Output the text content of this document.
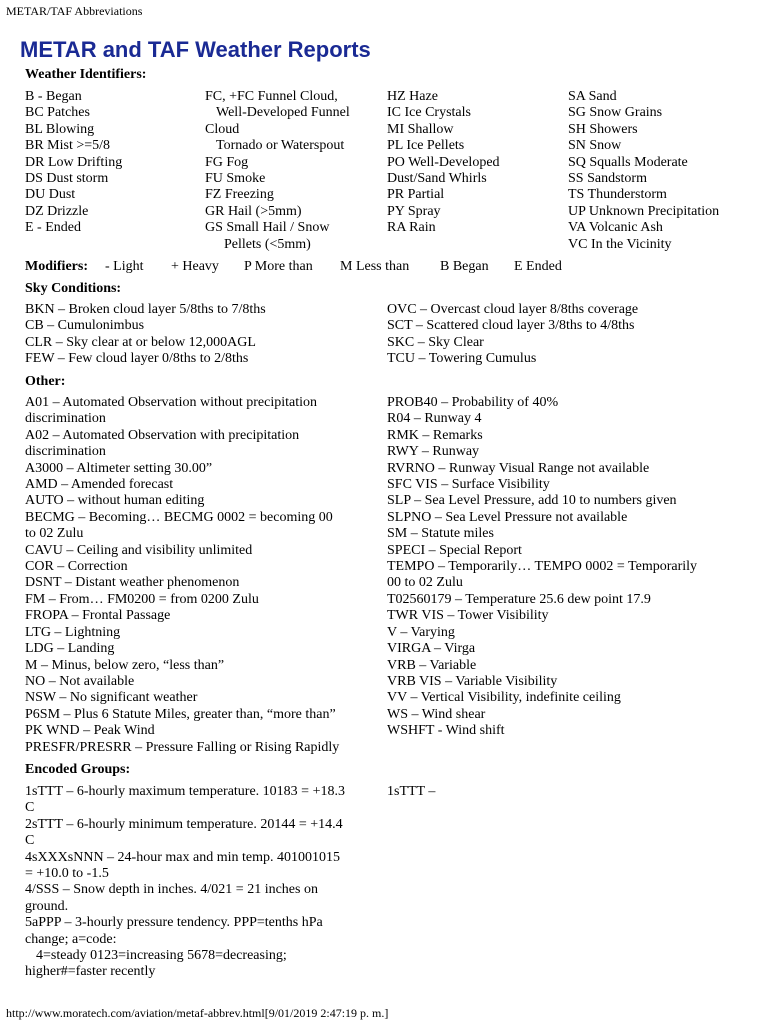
METAR/TAF Abbreviations
METAR and TAF Weather Reports
Weather Identifiers:
B - Began
BC Patches
BL Blowing
BR Mist >=5/8
DR Low Drifting
DS Dust storm
DU Dust
DZ Drizzle
E - Ended
FC, +FC Funnel Cloud,
Well-Developed Funnel
Cloud
Tornado or Waterspout
FG Fog
FU Smoke
FZ Freezing
GR Hail (>5mm)
GS Small Hail / Snow
Pellets (<5mm)
HZ Haze
IC Ice Crystals
MI Shallow
PL Ice Pellets
PO Well-Developed
Dust/Sand Whirls
PR Partial
PY Spray
RA Rain
SA Sand
SG Snow Grains
SH Showers
SN Snow
SQ Squalls Moderate
SS Sandstorm
TS Thunderstorm
UP Unknown Precipitation
VA Volcanic Ash
VC In the Vicinity
Modifiers: - Light + Heavy P More than M Less than B Began E Ended
Sky Conditions:
BKN – Broken cloud layer 5/8ths to 7/8ths
CB – Cumulonimbus
CLR – Sky clear at or below 12,000AGL
FEW – Few cloud layer 0/8ths to 2/8ths
OVC – Overcast cloud layer 8/8ths coverage
SCT – Scattered cloud layer 3/8ths to 4/8ths
SKC – Sky Clear
TCU – Towering Cumulus
Other:
A01 – Automated Observation without precipitation
discrimination
A02 – Automated Observation with precipitation
discrimination
A3000 – Altimeter setting 30.00”
AMD – Amended forecast
AUTO – without human editing
BECMG – Becoming… BECMG 0002 = becoming 00
to 02 Zulu
CAVU – Ceiling and visibility unlimited
COR – Correction
DSNT – Distant weather phenomenon
FM – From… FM0200 = from 0200 Zulu
FROPA – Frontal Passage
LTG – Lightning
LDG – Landing
M – Minus, below zero, “less than”
NO – Not available
NSW – No significant weather
P6SM – Plus 6 Statute Miles, greater than, “more than”
PK WND – Peak Wind
PRESFR/PRESRR – Pressure Falling or Rising Rapidly
PROB40 – Probability of 40%
R04 – Runway 4
RMK – Remarks
RWY – Runway
RVRNO – Runway Visual Range not available
SFC VIS – Surface Visibility
SLP – Sea Level Pressure, add 10 to numbers given
SLPNO – Sea Level Pressure not available
SM – Statute miles
SPECI – Special Report
TEMPO – Temporarily… TEMPO 0002 = Temporarily
00 to 02 Zulu
T02560179 – Temperature 25.6 dew point 17.9
TWR VIS – Tower Visibility
V – Varying
VIRGA – Virga
VRB – Variable
VRB VIS – Variable Visibility
VV – Vertical Visibility, indefinite ceiling
WS – Wind shear
WSHFT - Wind shift
Encoded Groups:
1sTTT – 6-hourly maximum temperature. 10183 = +18.3
C
2sTTT – 6-hourly minimum temperature. 20144 = +14.4
C
4sXXXsNNN – 24-hour max and min temp. 401001015
= +10.0 to -1.5
4/SSS – Snow depth in inches. 4/021 = 21 inches on
ground.
5aPPP – 3-hourly pressure tendency. PPP=tenths hPa
change; a=code:
4=steady 0123=increasing 5678=decreasing;
higher#=faster recently
1sTTT –
http://www.moratech.com/aviation/metaf-abbrev.html[9/01/2019 2:47:19 p. m.]
